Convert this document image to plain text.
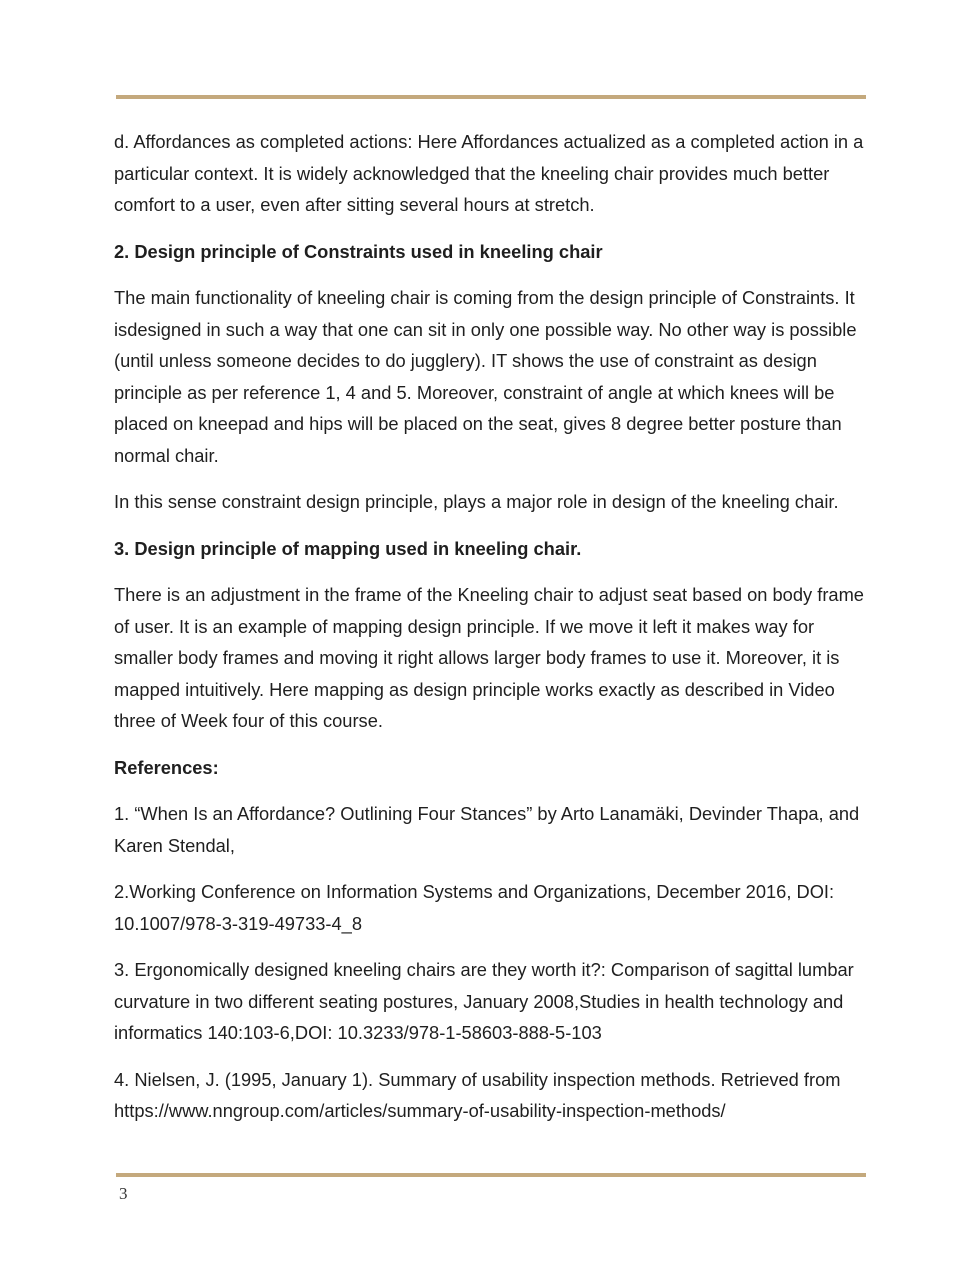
d. Affordances as completed actions: Here Affordances actualized as a completed action in a particular context. It is widely acknowledged that the kneeling chair provides much better comfort to a user, even after sitting several hours at stretch.

2. Design principle of Constraints used in kneeling chair

The main functionality of kneeling chair is coming from the design principle of Constraints. It isdesigned in such a way that one can sit in only one possible way. No other way is possible (until unless someone decides to do jugglery). IT shows the use of constraint as design principle as per reference 1, 4 and 5. Moreover, constraint of angle at which knees will be placed on kneepad and hips will be placed on the seat, gives 8 degree better posture than normal chair.

In this sense constraint design principle, plays a major role in design of the kneeling chair.

3. Design principle of mapping used in kneeling chair.

There is an adjustment in the frame of the Kneeling chair to adjust seat based on body frame of user. It is an example of mapping design principle. If we move it left it makes way for smaller body frames and moving it right allows larger body frames to use it. Moreover, it is mapped intuitively. Here mapping as design principle works exactly as described in Video three of Week four of this course.

References:

1. “When Is an Affordance? Outlining Four Stances” by Arto Lanamäki, Devinder Thapa, and Karen Stendal,

2.Working Conference on Information Systems and Organizations, December 2016, DOI: 10.1007/978-3-319-49733-4_8

3. Ergonomically designed kneeling chairs are they worth it?: Comparison of sagittal lumbar curvature in two different seating postures, January 2008,Studies in health technology and informatics 140:103-6,DOI: 10.3233/978-1-58603-888-5-103

4. Nielsen, J. (1995, January 1). Summary of usability inspection methods. Retrieved from https://www.nngroup.com/articles/summary-of-usability-inspection-methods/

3
